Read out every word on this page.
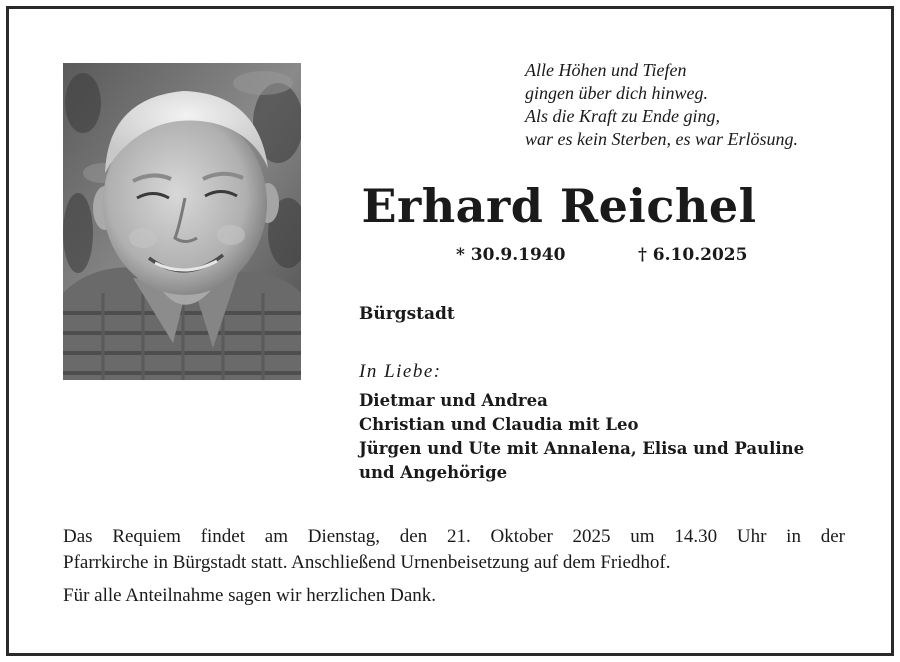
Alle Höhen und Tiefen
gingen über dich hinweg.
Als die Kraft zu Ende ging,
war es kein Sterben, es war Erlösung.
Erhard Reichel
* 30.9.1940	† 6.10.2025
Bürgstadt
In Liebe:
Dietmar und Andrea
Christian und Claudia mit Leo
Jürgen und Ute mit Annalena, Elisa und Pauline
und Angehörige
Das Requiem findet am Dienstag, den 21. Oktober 2025 um 14.30 Uhr in der
Pfarrkirche in Bürgstadt statt. Anschließend Urnenbeisetzung auf dem Friedhof.
Für alle Anteilnahme sagen wir herzlichen Dank.
